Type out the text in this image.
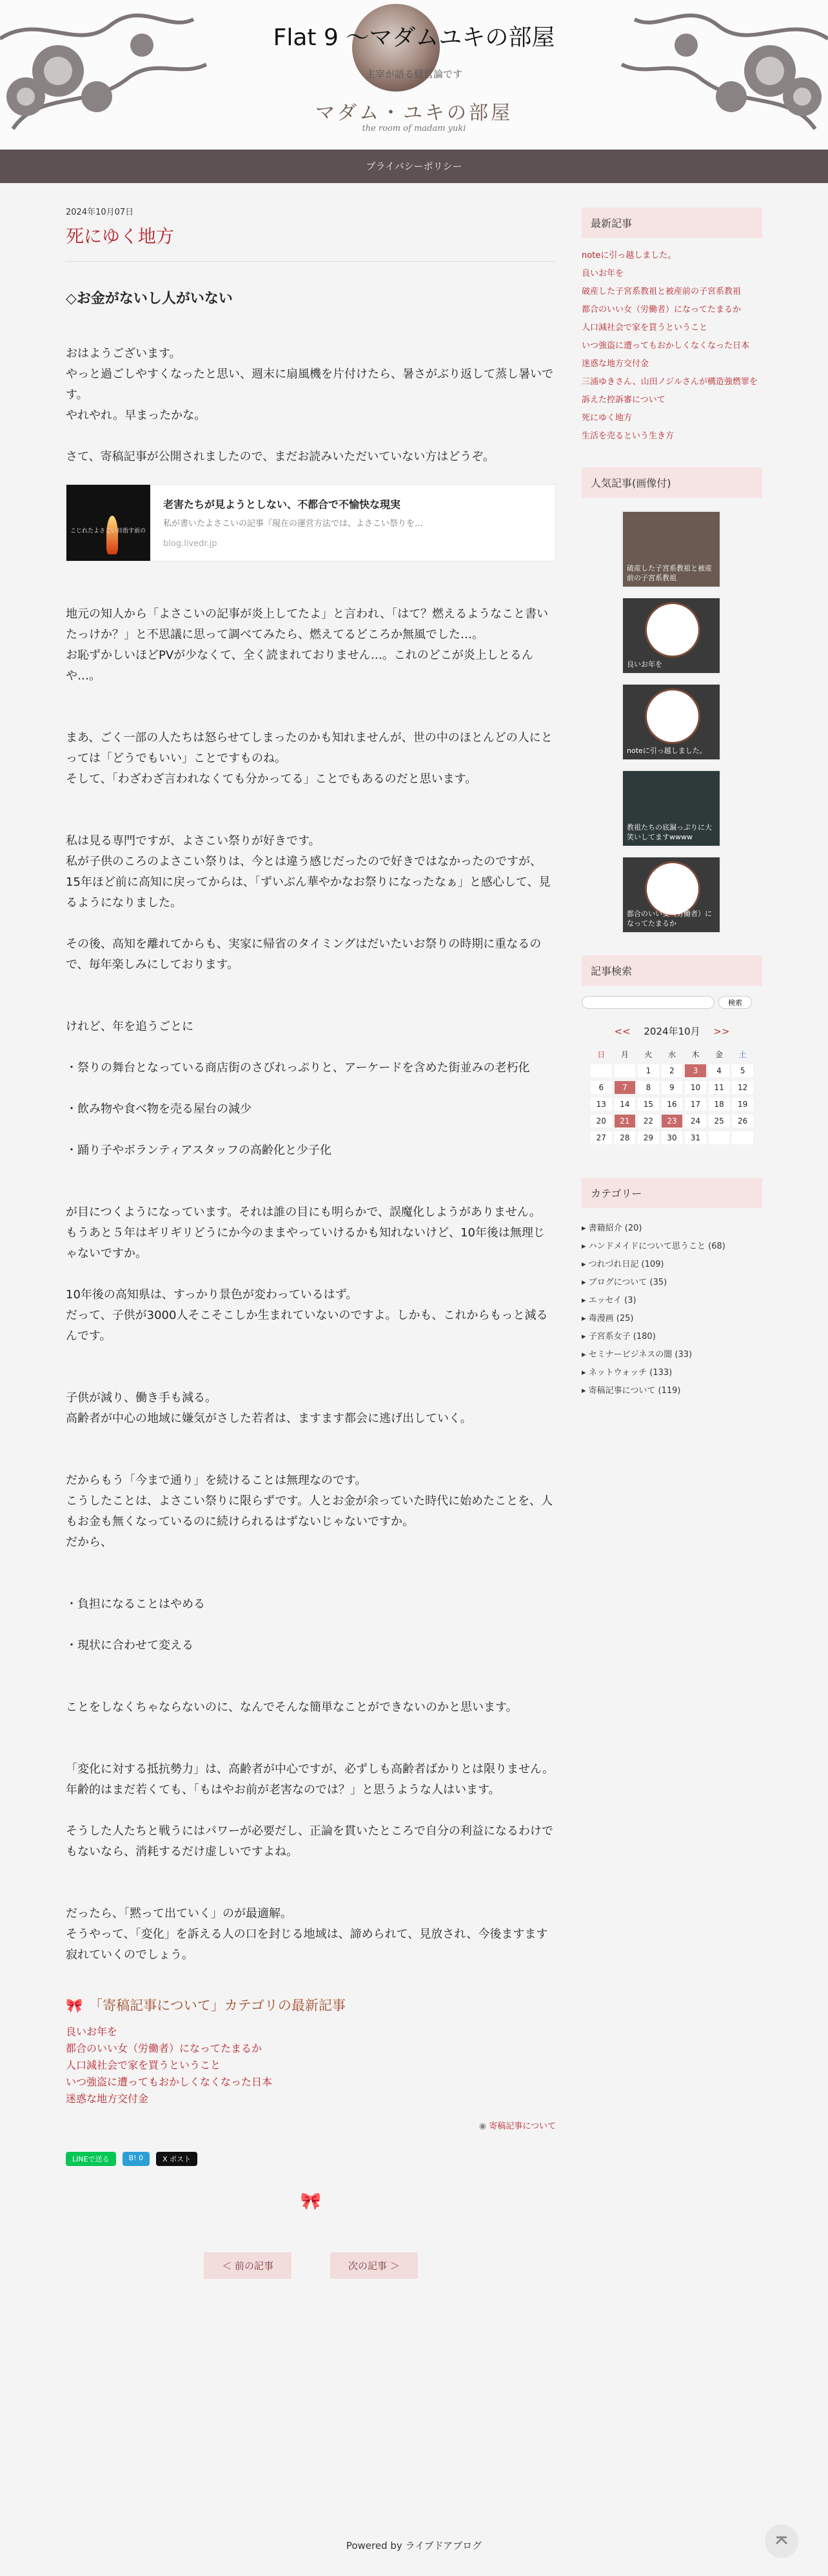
Flat 9 ～マダムユキの部屋
主宰が語る経営論です
マダム・ユキの部屋
the room of madam yuki
プライバシーポリシー
2024年10月07日
死にゆく地方
◇お金がないし人がいない

おはようございます。
やっと過ごしやすくなったと思い、週末に扇風機を片付けたら、暑さがぶり返して蒸し暑いです。
やれやれ。早まったかな。

さて、寄稿記事が公開されましたので、まだお読みいただいていない方はどうぞ。

こじれたよさこい目指す前の
老害たちが見ようとしない、不都合で不愉快な現実
私が書いたよさこいの記事『現在の運営方法では、よさこい祭りを…
blog.livedr.jp

地元の知人から「よさこいの記事が炎上してたよ」と言われ、「はて？燃えるようなこと書いたっけか？」と不思議に思って調べてみたら、燃えてるどころか無風でした…。
お恥ずかしいほどPVが少なくて、全く読まれておりません…。これのどこが炎上しとるんや…。

まあ、ごく一部の人たちは怒らせてしまったのかも知れませんが、世の中のほとんどの人にとっては「どうでもいい」ことですものね。
そして、「わざわざ言われなくても分かってる」ことでもあるのだと思います。

私は見る専門ですが、よさこい祭りが好きです。
私が子供のころのよさこい祭りは、今とは違う感じだったので好きではなかったのですが、15年ほど前に高知に戻ってからは、「ずいぶん華やかなお祭りになったなぁ」と感心して、見るようになりました。

その後、高知を離れてからも、実家に帰省のタイミングはだいたいお祭りの時期に重なるので、毎年楽しみにしております。

けれど、年を追うごとに

・祭りの舞台となっている商店街のさびれっぷりと、アーケードを含めた街並みの老朽化

・飲み物や食べ物を売る屋台の減少

・踊り子やボランティアスタッフの高齢化と少子化

が目につくようになっています。それは誰の目にも明らかで、誤魔化しようがありません。
もうあと５年はギリギリどうにか今のままやっていけるかも知れないけど、10年後は無理じゃないですか。

10年後の高知県は、すっかり景色が変わっているはず。
だって、子供が3000人そこそこしか生まれていないのですよ。しかも、これからもっと減るんです。

子供が減り、働き手も減る。
高齢者が中心の地域に嫌気がさした若者は、ますます都会に逃げ出していく。

だからもう「今まで通り」を続けることは無理なのです。
こうしたことは、よさこい祭りに限らずです。人とお金が余っていた時代に始めたことを、人もお金も無くなっているのに続けられるはずないじゃないですか。
だから、

・負担になることはやめる

・現状に合わせて変える

ことをしなくちゃならないのに、なんでそんな簡単なことができないのかと思います。

「変化に対する抵抗勢力」は、高齢者が中心ですが、必ずしも高齢者ばかりとは限りません。
年齢的はまだ若くても、「もはやお前が老害なのでは？」と思うような人はいます。

そうした人たちと戦うにはパワーが必要だし、正論を貫いたところで自分の利益になるわけでもないなら、消耗するだけ虚しいですよね。

だったら、「黙って出ていく」のが最適解。
そうやって、「変化」を訴える人の口を封じる地域は、諦められて、見放され、今後ますます寂れていくのでしょう。

🎀 「寄稿記事について」カテゴリの最新記事
良いお年を
都合のいい女（労働者）になってたまるか
人口減社会で家を買うということ
いつ強盗に遭ってもおかしくなくなった日本
迷惑な地方交付金
◉ 寄稿記事について
LINEで送る	B! 0	X ポスト
🎀
＜ 前の記事	次の記事 ＞
最新記事
noteに引っ越しました。
良いお年を
破産した子宮系教祖と被産前の子宮系教祖
都合のいい女（労働者）になってたまるか
人口減社会で家を買うということ
いつ強盗に遭ってもおかしくなくなった日本
迷惑な地方交付金
三浦ゆきさん、山田ノジルさんが構造強燃罪を訴えた控訴審について
死にゆく地方
生活を売るという生き方
人気記事(画像付)
破産した子宮系教祖と被産前の子宮系教祖
良いお年を
noteに引っ越しました。
教祖たちの底漏っぷりに大笑いしてますwwww
都合のいい女（労働者）になってたまるか
記事検索
検索
<< 2024年10月 >>
日	月	火	水	木	金	土
		1	2	3	4	5
6	7	8	9	10	11	12
13	14	15	16	17	18	19
20	21	22	23	24	25	26
27	28	29	30	31		
カテゴリー
▸ 書籍紹介 (20)
▸ ハンドメイドについて思うこと (68)
▸ つれづれ日記 (109)
▸ ブログについて (35)
▸ エッセイ (3)
▸ 毒漫画 (25)
▸ 子宮系女子 (180)
▸ セミナービジネスの闇 (33)
▸ ネットウォッチ (133)
▸ 寄稿記事について (119)
Powered by ライブドアブログ
